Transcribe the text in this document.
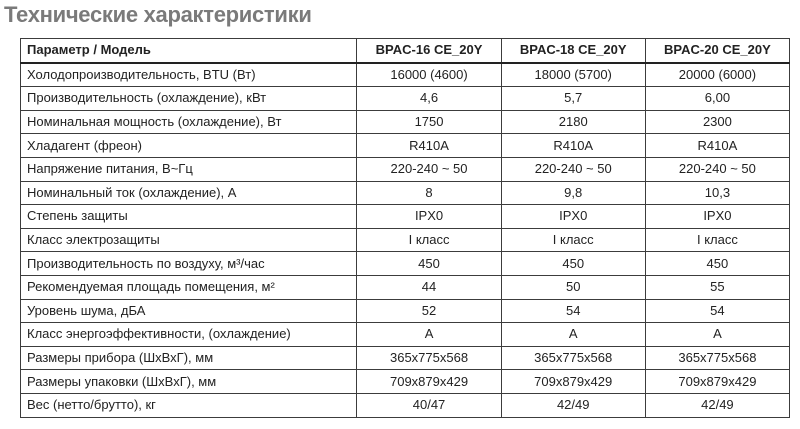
Технические характеристики
Параметр / Модель	BPAC-16 CE_20Y	BPAC-18 CE_20Y	BPAC-20 CE_20Y
Холодопроизводительность, BTU (Вт)	16000 (4600)	18000 (5700)	20000 (6000)
Производительность (охлаждение), кВт	4,6	5,7	6,00
Номинальная мощность (охлаждение), Вт	1750	2180	2300
Хладагент (фреон)	R410A	R410A	R410A
Напряжение питания, В~Гц	220-240 ~ 50	220-240 ~ 50	220-240 ~ 50
Номинальный ток (охлаждение), А	8	9,8	10,3
Степень защиты	IPX0	IPX0	IPX0
Класс электрозащиты	I класс	I класс	I класс
Производительность по воздуху, м³/час	450	450	450
Рекомендуемая площадь помещения, м²	44	50	55
Уровень шума, дБА	52	54	54
Класс энергоэффективности, (охлаждение)	A	A	A
Размеры прибора (ШхВхГ), мм	365x775x568	365x775x568	365x775x568
Размеры упаковки (ШхВхГ), мм	709x879x429	709x879x429	709x879x429
Вес (нетто/брутто), кг	40/47	42/49	42/49
